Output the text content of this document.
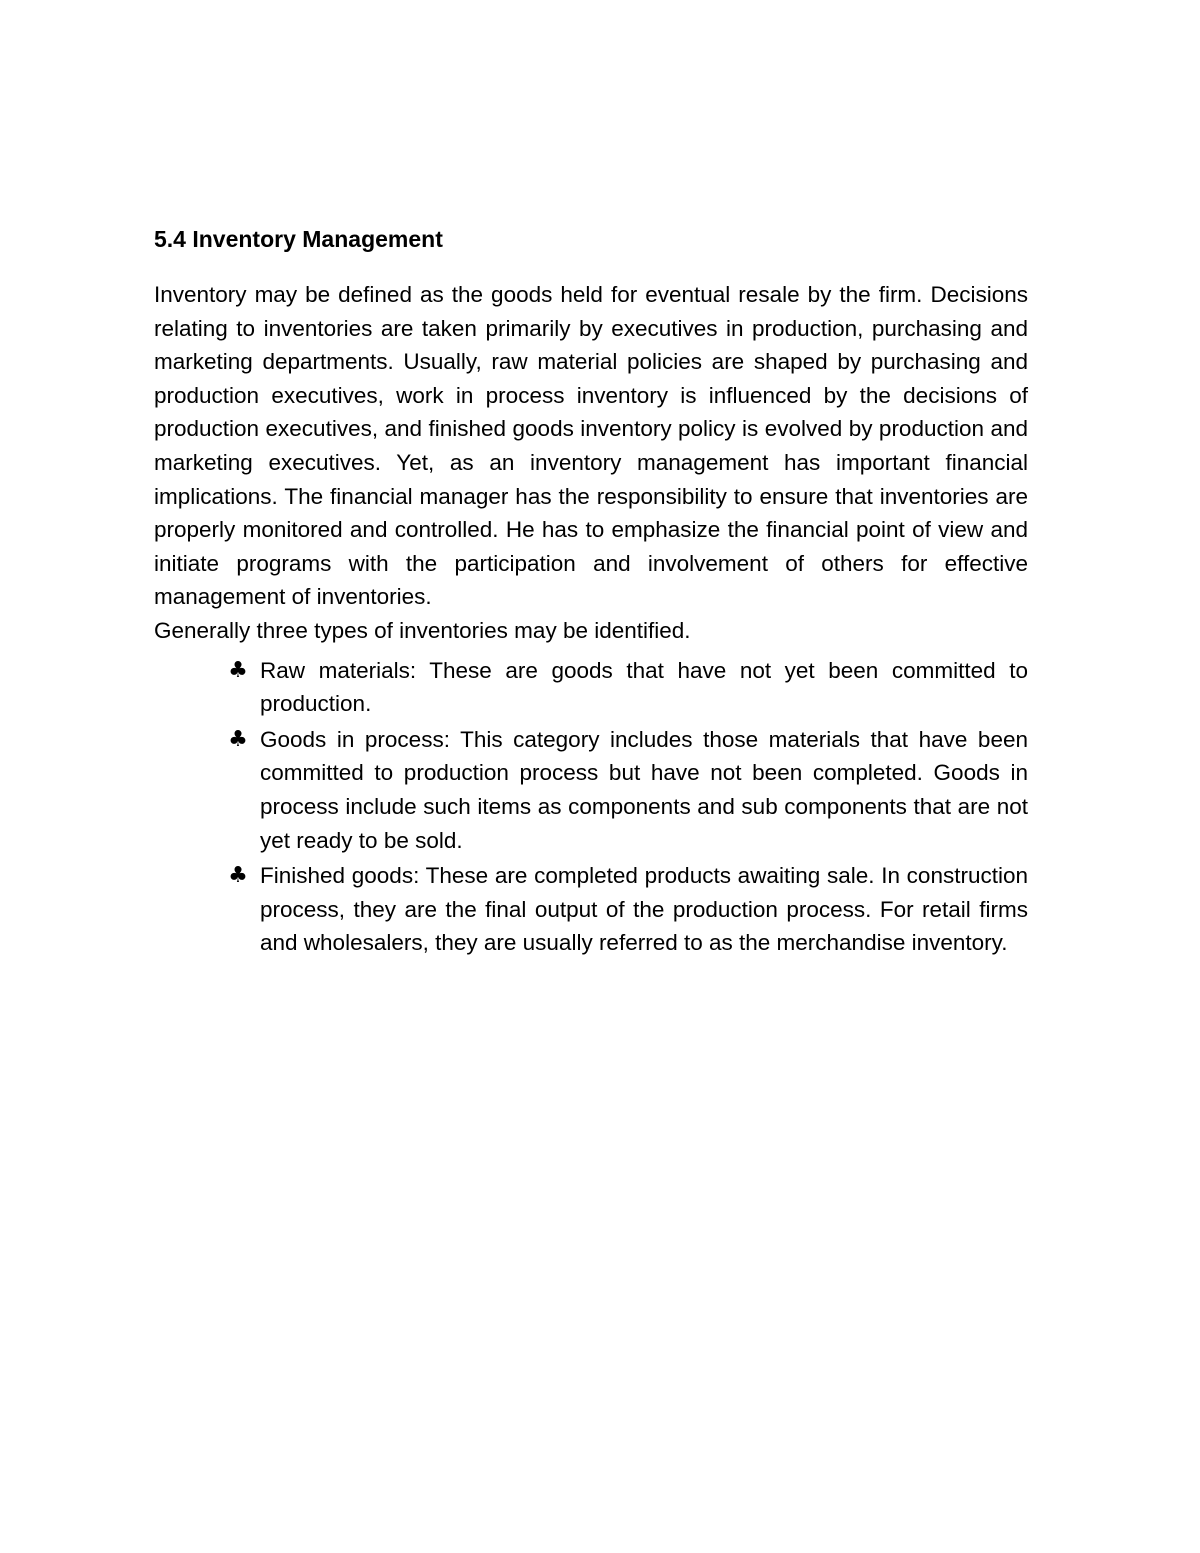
5.4 Inventory Management

Inventory may be defined as the goods held for eventual resale by the firm. Decisions relating to inventories are taken primarily by executives in production, purchasing and marketing departments. Usually, raw material policies are shaped by purchasing and production executives, work in process inventory is influenced by the decisions of production executives, and finished goods inventory policy is evolved by production and marketing executives. Yet, as an inventory management has important financial implications. The financial manager has the responsibility to ensure that inventories are properly monitored and controlled. He has to emphasize the financial point of view and initiate programs with the participation and involvement of others for effective management of inventories.

Generally three types of inventories may be identified.

♣ Raw materials: These are goods that have not yet been committed to production.
♣ Goods in process: This category includes those materials that have been committed to production process but have not been completed. Goods in process include such items as components and sub components that are not yet ready to be sold.
♣ Finished goods: These are completed products awaiting sale. In construction process, they are the final output of the production process. For retail firms and wholesalers, they are usually referred to as the merchandise inventory.
